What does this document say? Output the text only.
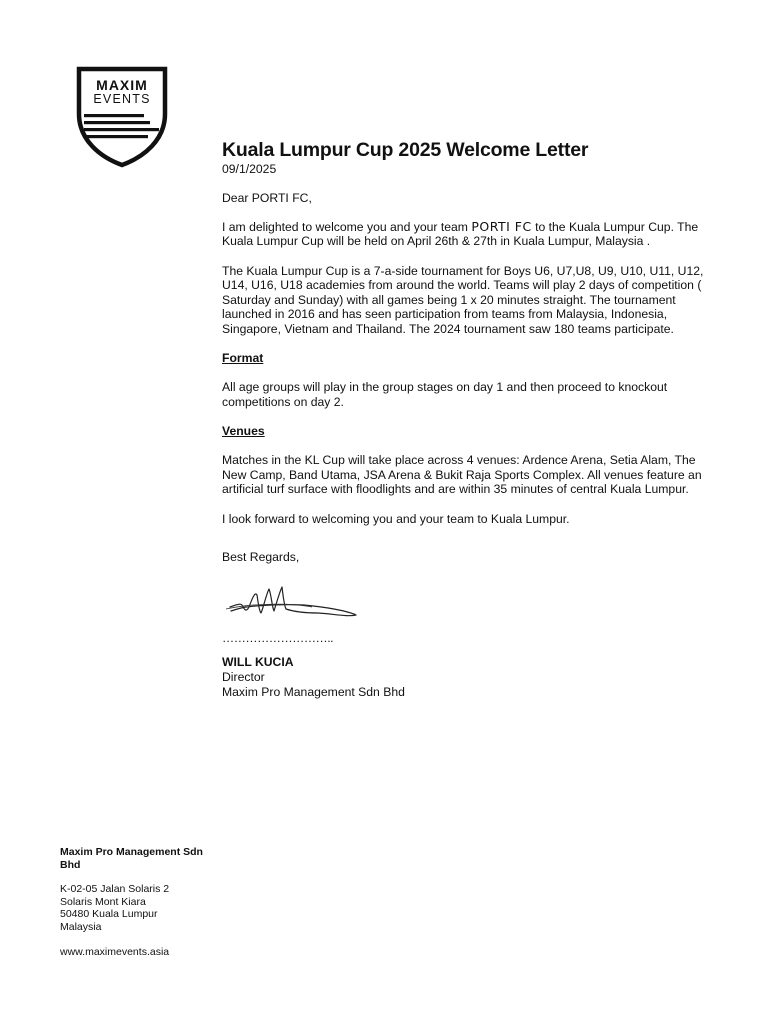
MAXIM
EVENTS
Kuala Lumpur Cup 2025 Welcome Letter

09/1/2025

Dear PORTI FC,

I am delighted to welcome you and your team PORTI FC to the Kuala Lumpur Cup. The Kuala Lumpur Cup will be held on April 26th & 27th in Kuala Lumpur, Malaysia .

The Kuala Lumpur Cup is a 7-a-side tournament for Boys U6, U7,U8, U9, U10, U11, U12, U14, U16, U18 academies from around the world. Teams will play 2 days of competition ( Saturday and Sunday) with all games being 1 x 20 minutes straight. The tournament launched in 2016 and has seen participation from teams from Malaysia, Indonesia, Singapore, Vietnam and Thailand. The 2024 tournament saw 180 teams participate.

Format

All age groups will play in the group stages on day 1 and then proceed to knockout competitions on day 2.

Venues

Matches in the KL Cup will take place across 4 venues: Ardence Arena, Setia Alam, The New Camp, Band Utama, JSA Arena & Bukit Raja Sports Complex. All venues feature an artificial turf surface with floodlights and are within 35 minutes of central Kuala Lumpur.

I look forward to welcoming you and your team to Kuala Lumpur.

Best Regards,

………………………..

WILL KUCIA

Director

Maxim Pro Management Sdn Bhd

Maxim Pro Management Sdn Bhd

K-02-05 Jalan Solaris 2
Solaris Mont Kiara
50480 Kuala Lumpur
Malaysia

www.maximevents.asia
